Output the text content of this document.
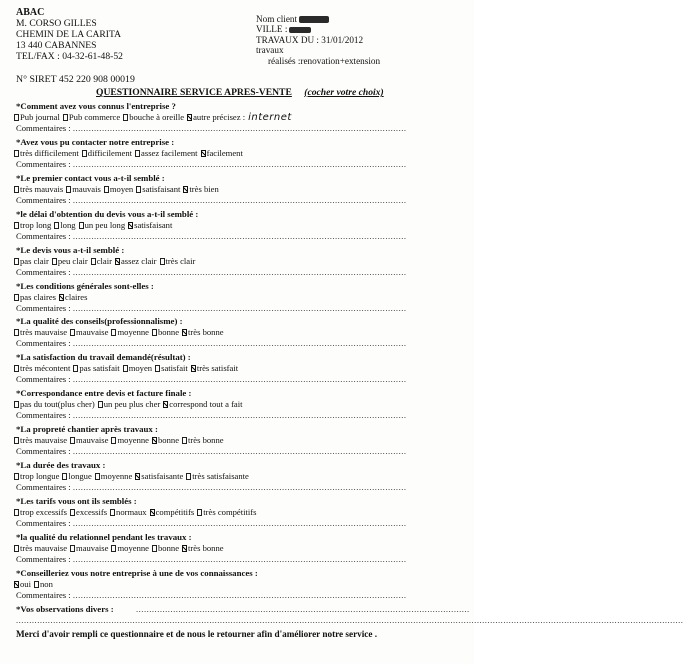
ABAC
M. CORSO GILLES
CHEMIN DE LA CARITA
13 440 CABANNES
TEL/FAX : 04-32-61-48-52
Nom client
VILLE :
TRAVAUX DU : 31/01/2012
travaux
réalisés :renovation+extension
N° SIRET 452 220 908 00019
QUESTIONNAIRE SERVICE APRES-VENTE (cocher votre choix)
*Comment avez vous connus l'entreprise ?
Pub journal Pub commerce bouche à oreille autre précisez : internet
Commentaires : ..............................................................................................................................
*Avez vous pu contacter notre entreprise :
très difficilement difficilement assez facilement facilement
Commentaires : ..............................................................................................................................
*Le premier contact vous a-t-il semblé :
très mauvais mauvais moyen satisfaisant très bien
Commentaires : ..............................................................................................................................
*le délai d'obtention du devis vous a-t-il semblé :
trop long long un peu long satisfaisant
Commentaires : ..............................................................................................................................
*Le devis vous a-t-il semblé :
pas clair peu clair clair assez clair très clair
Commentaires : ..............................................................................................................................
*Les conditions générales sont-elles :
pas claires claires
Commentaires : ..............................................................................................................................
*La qualité des conseils(professionnalisme) :
très mauvaise mauvaise moyenne bonne très bonne
Commentaires : ..............................................................................................................................
*La satisfaction du travail demandé(résultat) :
très mécontent pas satisfait moyen satisfait très satisfait
Commentaires : ..............................................................................................................................
*Correspondance entre devis et facture finale :
pas du tout(plus cher) un peu plus cher correspond tout a fait
Commentaires : ..............................................................................................................................
*La propreté chantier après travaux :
très mauvaise mauvaise moyenne bonne très bonne
Commentaires : ..............................................................................................................................
*La durée des travaux :
trop longue longue moyenne satisfaisante très satisfaisante
Commentaires : ..............................................................................................................................
*Les tarifs vous ont ils semblés :
trop excessifs excessifs normaux compétitifs très compétitifs
Commentaires : ..............................................................................................................................
*la qualité du relationnel pendant les travaux :
très mauvaise mauvaise moyenne bonne très bonne
Commentaires : ..............................................................................................................................
*Conseilleriez vous notre entreprise à une de vos connaissances :
oui non
Commentaires : ..............................................................................................................................
*Vos observations divers :	..............................................................................................................................
............................................................................................................................................................................................................................................................
Merci d'avoir rempli ce questionnaire et de nous le retourner afin d'améliorer notre service .
